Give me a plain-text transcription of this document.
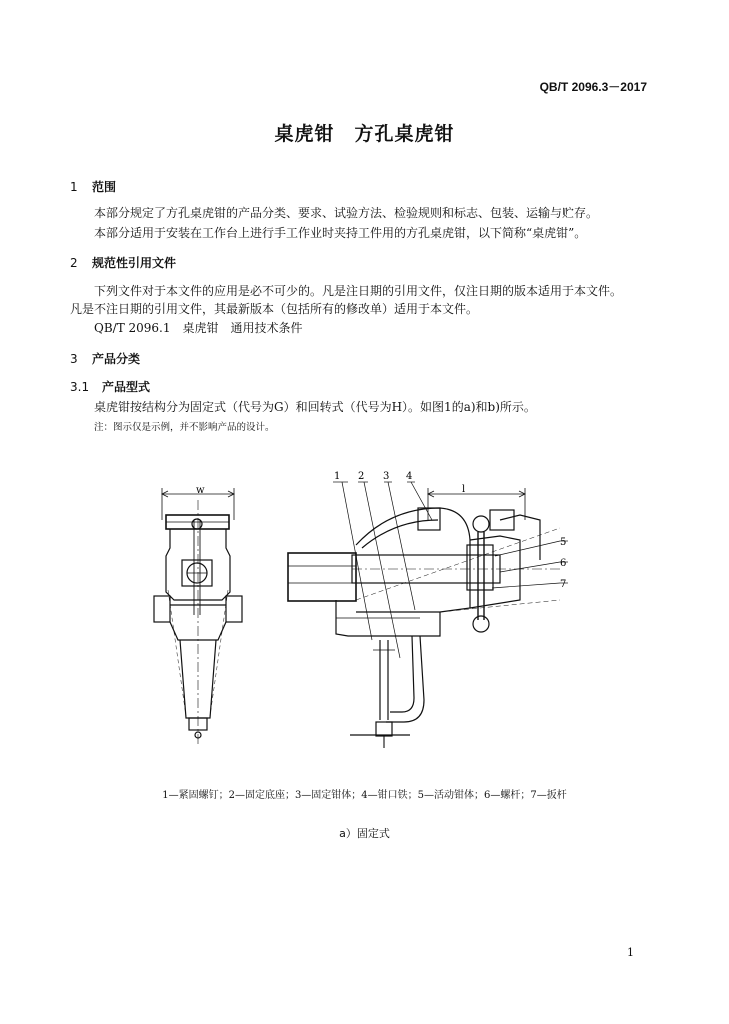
QB/T 2096.3－2017
桌虎钳　方孔桌虎钳
1 范围
本部分规定了方孔桌虎钳的产品分类、要求、试验方法、检验规则和标志、包装、运输与贮存。
本部分适用于安装在工作台上进行手工作业时夹持工件用的方孔桌虎钳，以下简称“桌虎钳”。
2 规范性引用文件
下列文件对于本文件的应用是必不可少的。凡是注日期的引用文件，仅注日期的版本适用于本文件。
凡是不注日期的引用文件，其最新版本（包括所有的修改单）适用于本文件。
QB/T 2096.1　桌虎钳　通用技术条件
3 产品分类
3.1 产品型式
桌虎钳按结构分为固定式（代号为G）和回转式（代号为H）。如图1的a)和b)所示。
注：图示仅是示例，并不影响产品的设计。
w	l
1 2 3 4
5
6
7
1—紧固螺钉；2—固定底座；3—固定钳体；4—钳口铁；5—活动钳体；6—螺杆；7—扳杆
a）固定式
1
